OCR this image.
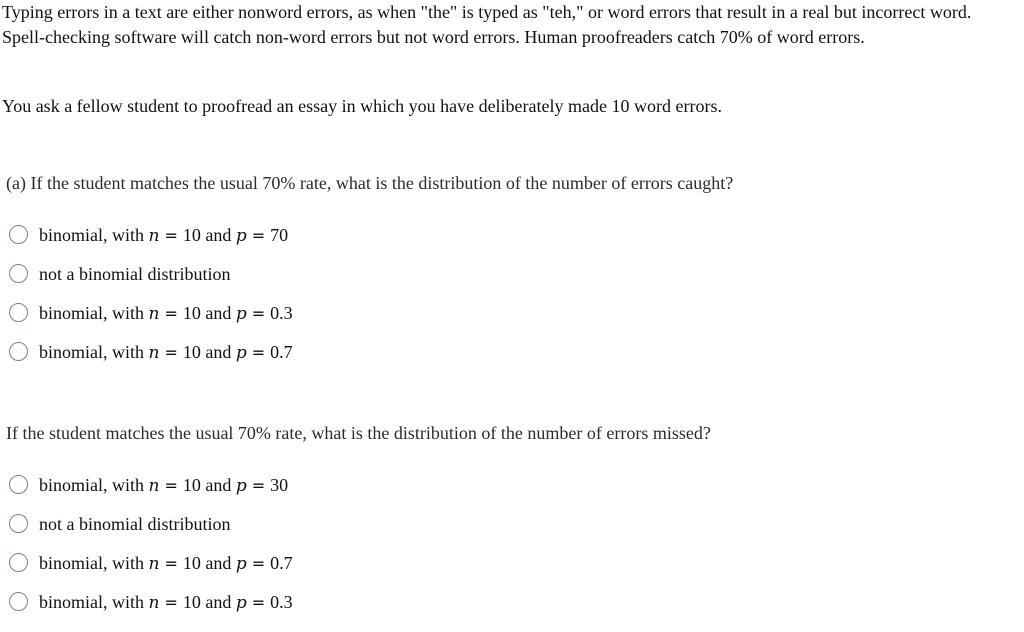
Typing errors in a text are either nonword errors, as when "the" is typed as "teh," or word errors that result in a real but incorrect word. Spell-checking software will catch non-word errors but not word errors. Human proofreaders catch 70% of word errors.

You ask a fellow student to proofread an essay in which you have deliberately made 10 word errors.

(a) If the student matches the usual 70% rate, what is the distribution of the number of errors caught?

binomial, with n = 10 and p = 70
not a binomial distribution
binomial, with n = 10 and p = 0.3
binomial, with n = 10 and p = 0.7

If the student matches the usual 70% rate, what is the distribution of the number of errors missed?

binomial, with n = 10 and p = 30
not a binomial distribution
binomial, with n = 10 and p = 0.7
binomial, with n = 10 and p = 0.3
